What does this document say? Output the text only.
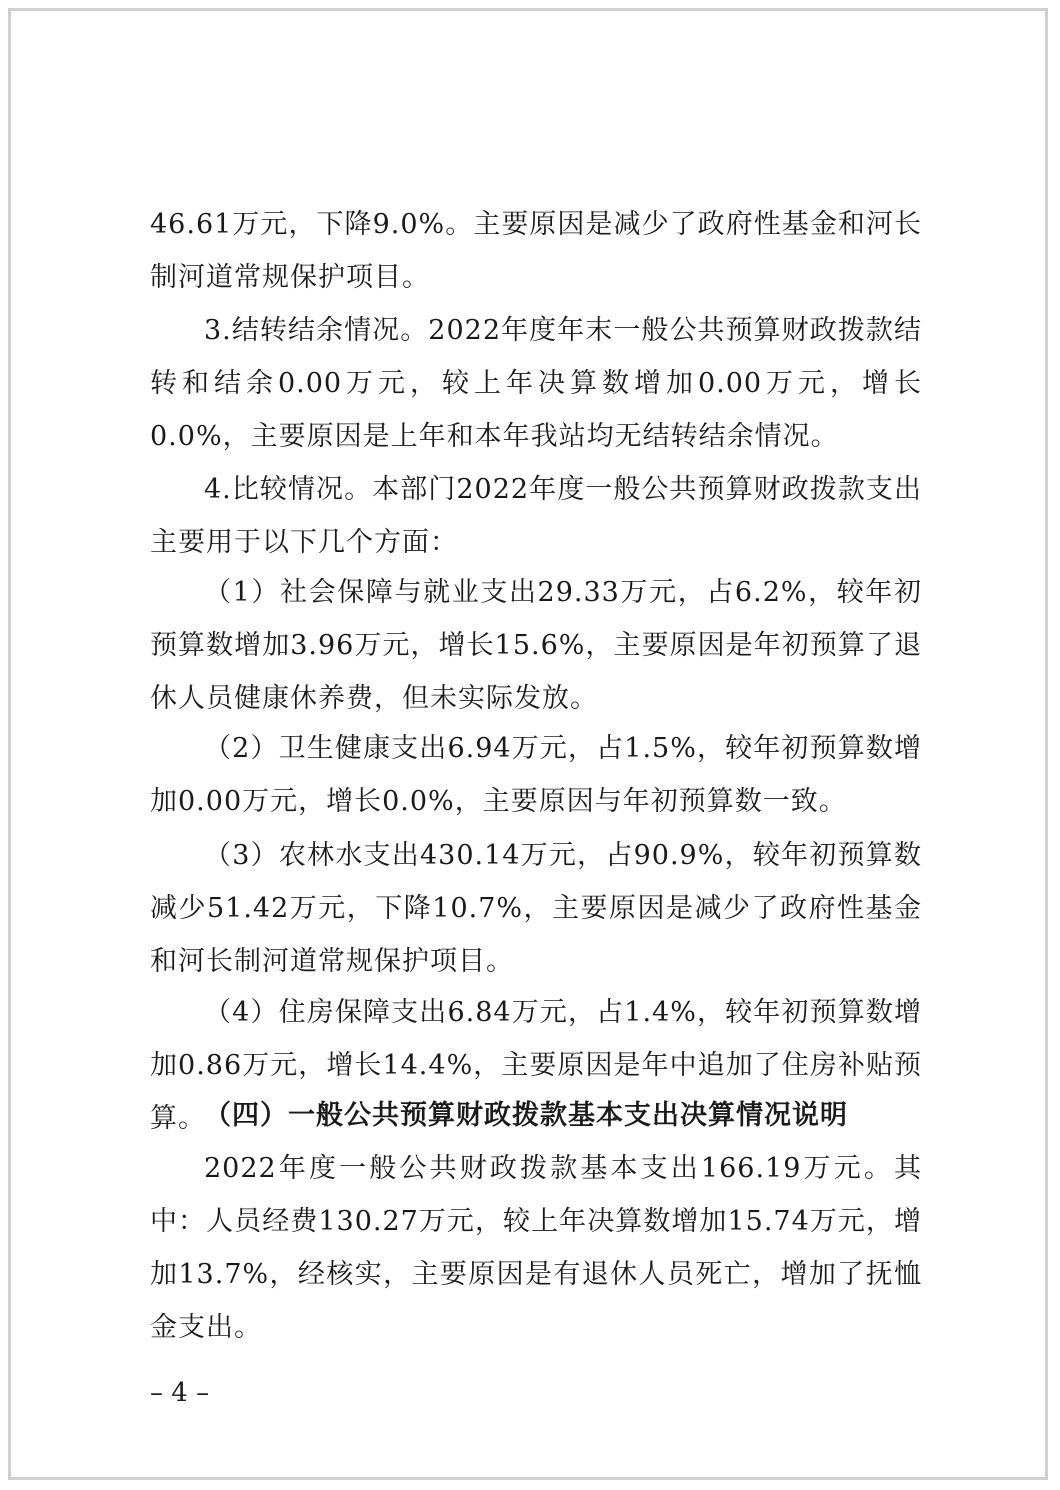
46.61万元，下降9.0%。主要原因是减少了政府性基金和河长制河道常规保护项目。

3.结转结余情况。2022年度年末一般公共预算财政拨款结转和结余0.00万元，较上年决算数增加0.00万元，增长0.0%，主要原因是上年和本年我站均无结转结余情况。

4.比较情况。本部门2022年度一般公共预算财政拨款支出主要用于以下几个方面：

（1）社会保障与就业支出29.33万元，占6.2%，较年初预算数增加3.96万元，增长15.6%，主要原因是年初预算了退休人员健康休养费，但未实际发放。

（2）卫生健康支出6.94万元，占1.5%，较年初预算数增加0.00万元，增长0.0%，主要原因与年初预算数一致。

（3）农林水支出430.14万元，占90.9%，较年初预算数减少51.42万元，下降10.7%，主要原因是减少了政府性基金和河长制河道常规保护项目。

（4）住房保障支出6.84万元，占1.4%，较年初预算数增加0.86万元，增长14.4%，主要原因是年中追加了住房补贴预算。

（四）一般公共预算财政拨款基本支出决算情况说明

2022年度一般公共财政拨款基本支出166.19万元。其中：人员经费130.27万元，较上年决算数增加15.74万元，增加13.7%，经核实，主要原因是有退休人员死亡，增加了抚恤金支出。

– 4 –
